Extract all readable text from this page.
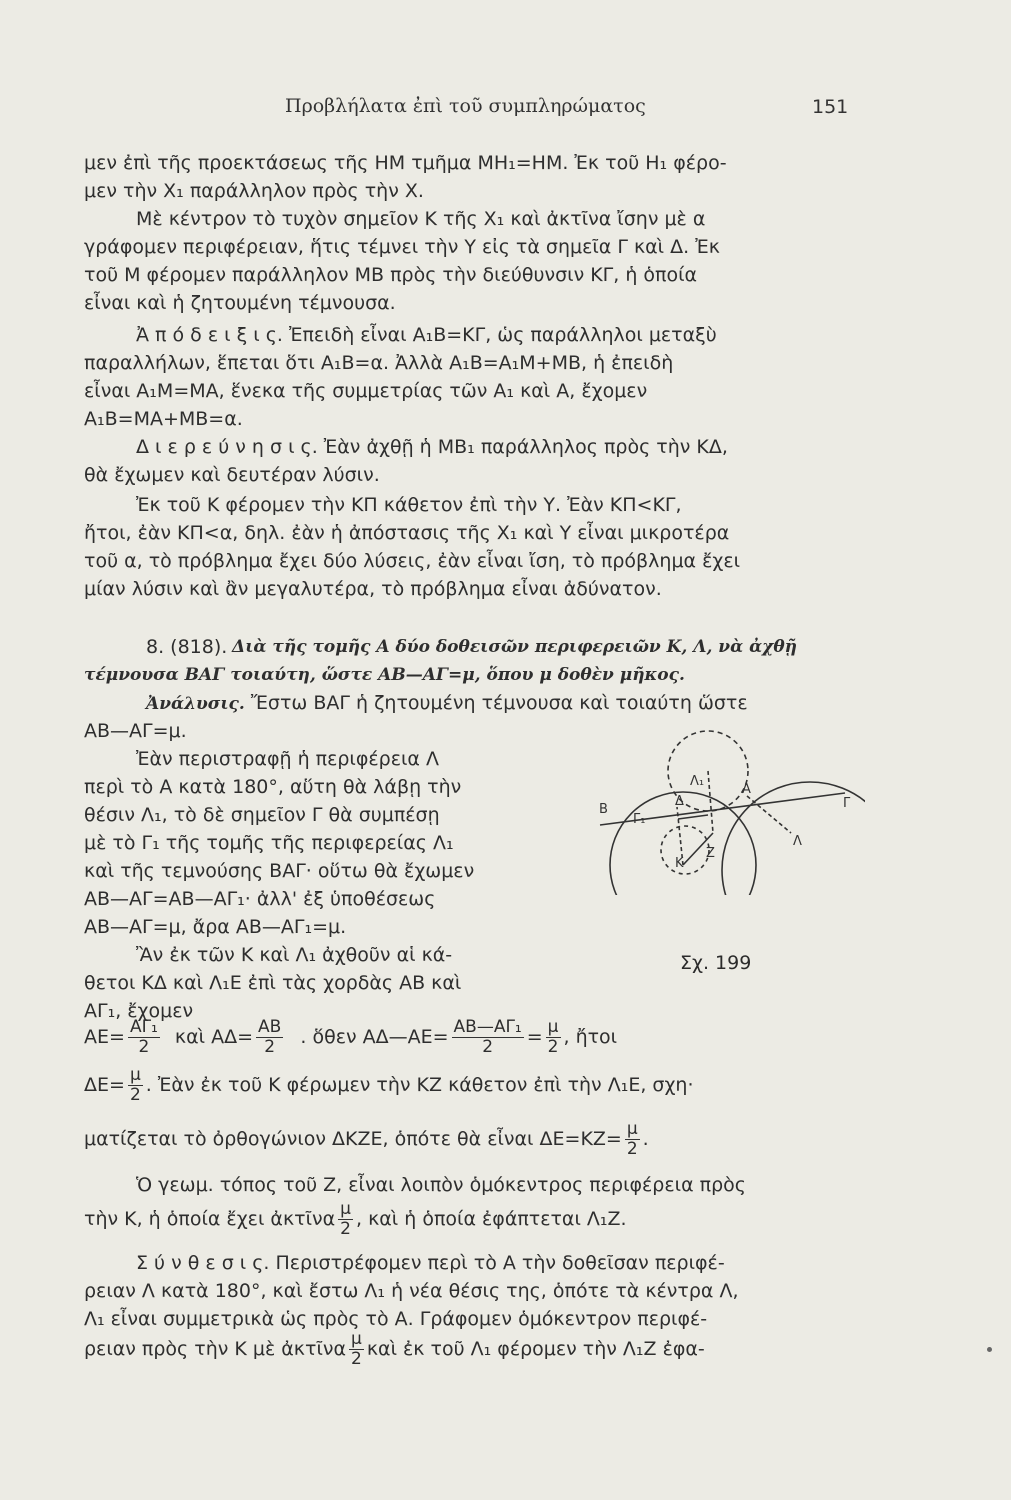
Προβλήλατα ἐπὶ τοῦ συμπληρώματος	151
μεν ἐπὶ τῆς προεκτάσεως τῆς ΗΜ τμῆμα ΜΗ₁=ΗΜ. Ἐκ τοῦ Η₁ φέρο-
μεν τὴν Χ₁ παράλληλον πρὸς τὴν Χ.
Μὲ κέντρον τὸ τυχὸν σημεῖον Κ τῆς Χ₁ καὶ ἀκτῖνα ἴσην μὲ α
γράφομεν περιφέρειαν, ἥτις τέμνει τὴν Υ εἰς τὰ σημεῖα Γ καὶ Δ. Ἐκ
τοῦ Μ φέρομεν παράλληλον ΜΒ πρὸς τὴν διεύθυνσιν ΚΓ, ἡ ὁποία
εἶναι καὶ ἡ ζητουμένη τέμνουσα.
Ἀ π ό δ ε ι ξ ι ς. Ἐπειδὴ εἶναι Α₁Β=ΚΓ, ὡς παράλληλοι μεταξὺ
παραλλήλων, ἕπεται ὅτι Α₁Β=α. Ἀλλὰ Α₁Β=Α₁Μ+ΜΒ, ἡ ἐπειδὴ
εἶναι Α₁Μ=ΜΑ, ἕνεκα τῆς συμμετρίας τῶν Α₁ καὶ Α, ἔχομεν
Α₁Β=ΜΑ+ΜΒ=α.
Δ ι ε ρ ε ύ ν η σ ι ς. Ἐὰν ἀχθῇ ἡ ΜΒ₁ παράλληλος πρὸς τὴν ΚΔ,
θὰ ἔχωμεν καὶ δευτέραν λύσιν.
Ἐκ τοῦ Κ φέρομεν τὴν ΚΠ κάθετον ἐπὶ τὴν Υ. Ἐὰν ΚΠ<ΚΓ,
ἤτοι, ἐὰν ΚΠ<α, δηλ. ἐὰν ἡ ἀπόστασις τῆς Χ₁ καὶ Υ εἶναι μικροτέρα
τοῦ α, τὸ πρόβλημα ἔχει δύο λύσεις, ἐὰν εἶναι ἴση, τὸ πρόβλημα ἔχει
μίαν λύσιν καὶ ἂν μεγαλυτέρα, τὸ πρόβλημα εἶναι ἀδύνατον.
8. (818). Διὰ τῆς τομῆς Α δύο δοθεισῶν περιφερειῶν Κ, Λ, νὰ ἀχθῇ
τέμνουσα ΒΑΓ τοιαύτη, ὥστε ΑΒ—ΑΓ=μ, ὅπου μ δοθὲν μῆκος.
Ἀνάλυσις. Ἔστω ΒΑΓ ἡ ζητουμένη τέμνουσα καὶ τοιαύτη ὥστε
ΑΒ—ΑΓ=μ.
Ἐὰν περιστραφῇ ἡ περιφέρεια Λ
περὶ τὸ Α κατὰ 180°, αὕτη θὰ λάβῃ τὴν
θέσιν Λ₁, τὸ δὲ σημεῖον Γ θὰ συμπέσῃ
μὲ τὸ Γ₁ τῆς τομῆς τῆς περιφερείας Λ₁
καὶ τῆς τεμνούσης ΒΑΓ· οὕτω θὰ ἔχωμεν
ΑΒ—ΑΓ=ΑΒ—ΑΓ₁· ἀλλ' ἐξ ὑποθέσεως
ΑΒ—ΑΓ=μ, ἄρα ΑΒ—ΑΓ₁=μ.
Ἂν ἐκ τῶν Κ καὶ Λ₁ ἀχθοῦν αἱ κά-
θετοι ΚΔ καὶ Λ₁Ε ἐπὶ τὰς χορδὰς ΑΒ καὶ
ΑΓ₁, ἔχομεν
$AE= \frac{\text{ΑΓ₁}}{2}$ καὶ $A\Delta= \frac{AB}{2}$ . ὅθεν ΑΔ—ΑΕ= $\frac{\text{ΑΒ—ΑΓ₁}}{2} = \frac{\mu}{2}$ , ἤτοι
$\Delta E= \frac{\mu}{2}$ . Ἐὰν ἐκ τοῦ Κ φέρωμεν τὴν ΚΖ κάθετον ἐπὶ τὴν Λ₁Ε, σχη·
ματίζεται τὸ ὀρθογώνιον ΔΚΖΕ, ὁπότε θὰ εἶναι $\Delta E=KZ= \frac{\mu}{2}$ .
Ὁ γεωμ. τόπος τοῦ Ζ, εἶναι λοιπὸν ὁμόκεντρος περιφέρεια πρὸς
τὴν Κ, ἡ ὁποία ἔχει ἀκτῖνα $\frac{\mu}{2}$ , καὶ ἡ ὁποία ἐφάπτεται Λ₁Ζ.
Σ ύ ν θ ε σ ι ς. Περιστρέφομεν περὶ τὸ Α τὴν δοθεῖσαν περιφέ-
ρειαν Λ κατὰ 180°, καὶ ἔστω Λ₁ ἡ νέα θέσις της, ὁπότε τὰ κέντρα Λ,
Λ₁ εἶναι συμμετρικὰ ὡς πρὸς τὸ Α. Γράφομεν ὁμόκεντρον περιφέ-
ρειαν πρὸς τὴν Κ μὲ ἀκτῖνα $\frac{\mu}{2}$ καὶ ἐκ τοῦ Λ₁ φέρομεν τὴν Λ₁Ζ ἐφα-
Β	Γ
Δ
Λ₁
Α
Γ₁
Κ
Ζ
Λ
Σχ. 199
